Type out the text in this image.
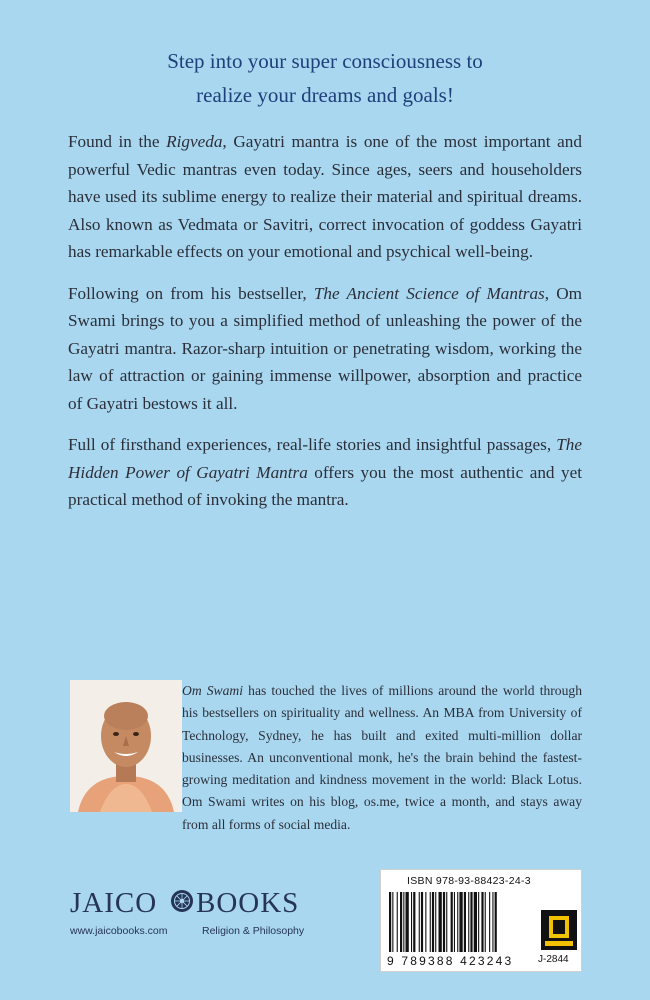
Step into your super consciousness to
realize your dreams and goals!

Found in the Rigveda, Gayatri mantra is one of the most important and powerful Vedic mantras even today. Since ages, seers and householders have used its sublime energy to realize their material and spiritual dreams. Also known as Vedmata or Savitri, correct invocation of goddess Gayatri has remarkable effects on your emotional and psychical well-being.

Following on from his bestseller, The Ancient Science of Mantras, Om Swami brings to you a simplified method of unleashing the power of the Gayatri mantra. Razor-sharp intuition or penetrating wisdom, working the law of attraction or gaining immense willpower, absorption and practice of Gayatri bestows it all.

Full of firsthand experiences, real-life stories and insightful passages, The Hidden Power of Gayatri Mantra offers you the most authentic and yet practical method of invoking the mantra.

Om Swami has touched the lives of millions around the world through his bestsellers on spirituality and wellness. An MBA from University of Technology, Sydney, he has built and exited multi-million dollar businesses. An unconventional monk, he's the brain behind the fastest-growing meditation and kindness movement in the world: Black Lotus. Om Swami writes on his blog, os.me, twice a month, and stays away from all forms of social media.
JAICO BOOKS
www.jaicobooks.com	Religion & Philosophy
ISBN 978-93-88423-24-3
9 789388 423243	J-2844
